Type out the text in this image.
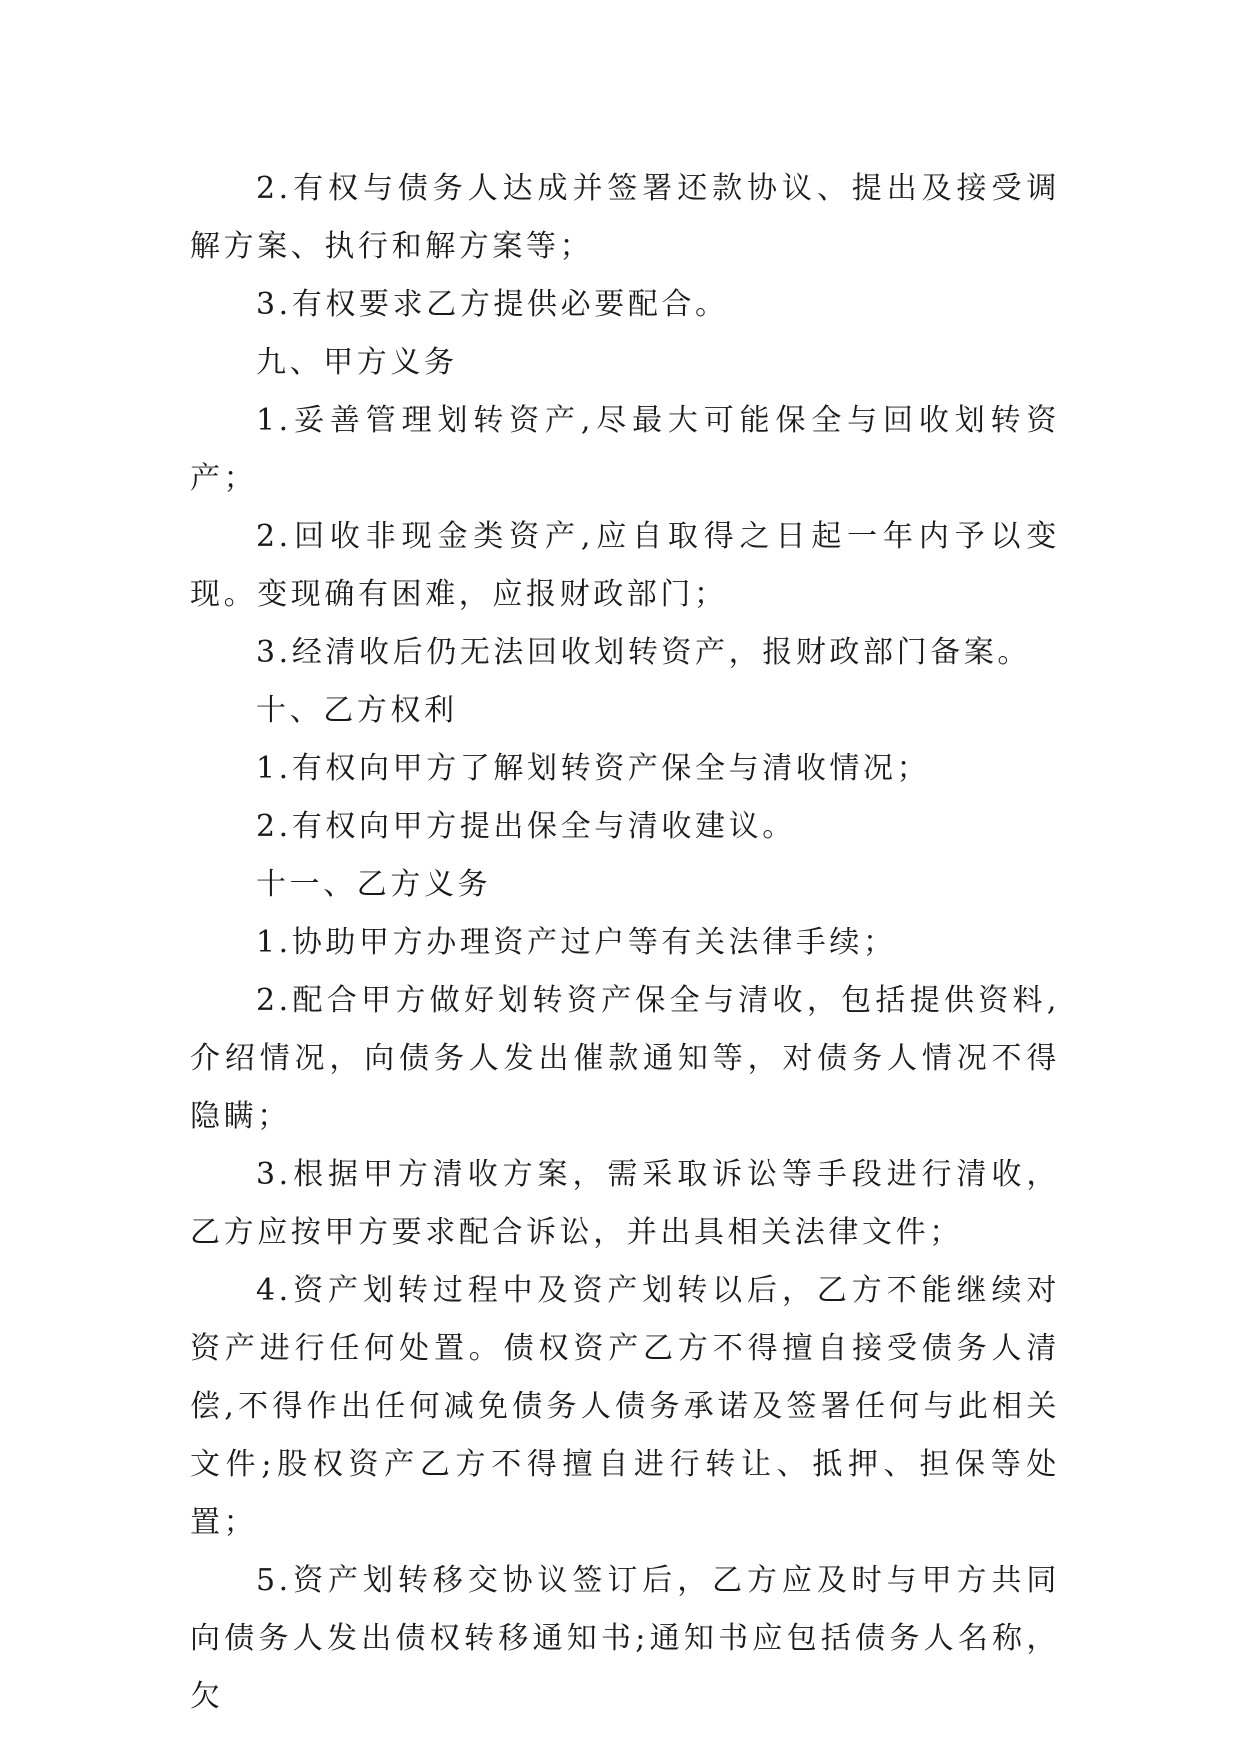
2.有权与债务人达成并签署还款协议、提出及接受调解方案、执行和解方案等；

3.有权要求乙方提供必要配合。

九、甲方义务

1.妥善管理划转资产,尽最大可能保全与回收划转资产；

2.回收非现金类资产,应自取得之日起一年内予以变现。变现确有困难，应报财政部门；

3.经清收后仍无法回收划转资产，报财政部门备案。

十、乙方权利

1.有权向甲方了解划转资产保全与清收情况；

2.有权向甲方提出保全与清收建议。

十一、乙方义务

1.协助甲方办理资产过户等有关法律手续；

2.配合甲方做好划转资产保全与清收，包括提供资料,介绍情况，向债务人发出催款通知等，对债务人情况不得隐瞒；

3.根据甲方清收方案，需采取诉讼等手段进行清收，乙方应按甲方要求配合诉讼，并出具相关法律文件；

4.资产划转过程中及资产划转以后，乙方不能继续对资产进行任何处置。债权资产乙方不得擅自接受债务人清偿,不得作出任何减免债务人债务承诺及签署任何与此相关文件;股权资产乙方不得擅自进行转让、抵押、担保等处置；

5.资产划转移交协议签订后，乙方应及时与甲方共同向债务人发出债权转移通知书;通知书应包括债务人名称，欠
